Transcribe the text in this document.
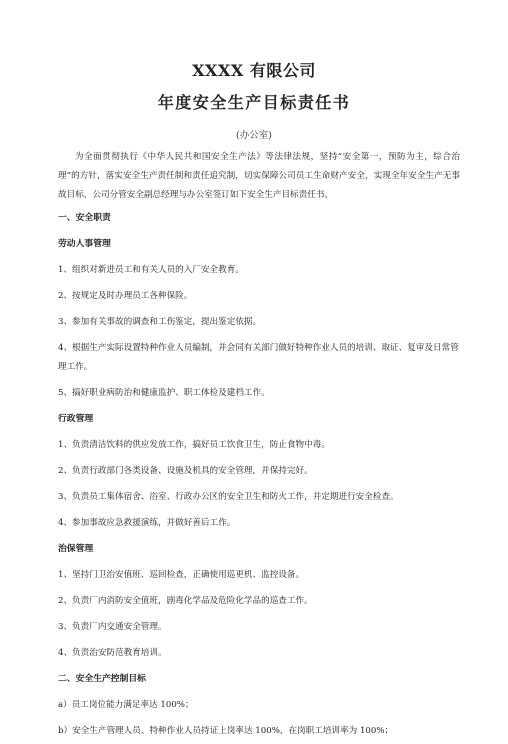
XXXX 有限公司
年度安全生产目标责任书
(办公室)

为全面贯彻执行《中华人民共和国安全生产法》等法律法规，坚持“安全第一，预防为主，综合治理”的方针，落实安全生产责任制和责任追究制，切实保障公司员工生命财产安全，实现全年安全生产无事故目标，公司分管安全副总经理与办公室签订如下安全生产目标责任书。

一、安全职责

劳动人事管理

1、组织对新进员工和有关人员的入厂安全教育。

2、按规定及时办理员工各种保险。

3、参加有关事故的调查和工伤鉴定，提出鉴定依据。

4、根据生产实际设置特种作业人员编制，并会同有关部门做好特种作业人员的培训、取证、复审及日常管理工作。

5、搞好职业病防治和健康监护、职工体检及建档工作。

行政管理

1、负责清洁饮料的供应发放工作，搞好员工饮食卫生，防止食物中毒。

2、负责行政部门各类设备、设施及机具的安全管理，并保持完好。

3、负责员工集体宿舍、浴室、行政办公区的安全卫生和防火工作，并定期进行安全检查。

4、参加事故应急救援演练，并做好善后工作。

治保管理

1、坚持门卫治安值班、巡回检查，正确使用巡更机、监控设备。

2、负责厂内消防安全值班，剧毒化学品及危险化学品的巡查工作。

3、负责厂内交通安全管理。

4、负责治安防范教育培训。

二、安全生产控制目标

a）员工岗位能力满足率达 100%；

b）安全生产管理人员、特种作业人员持证上岗率达 100%，在岗职工培训率为 100%；
